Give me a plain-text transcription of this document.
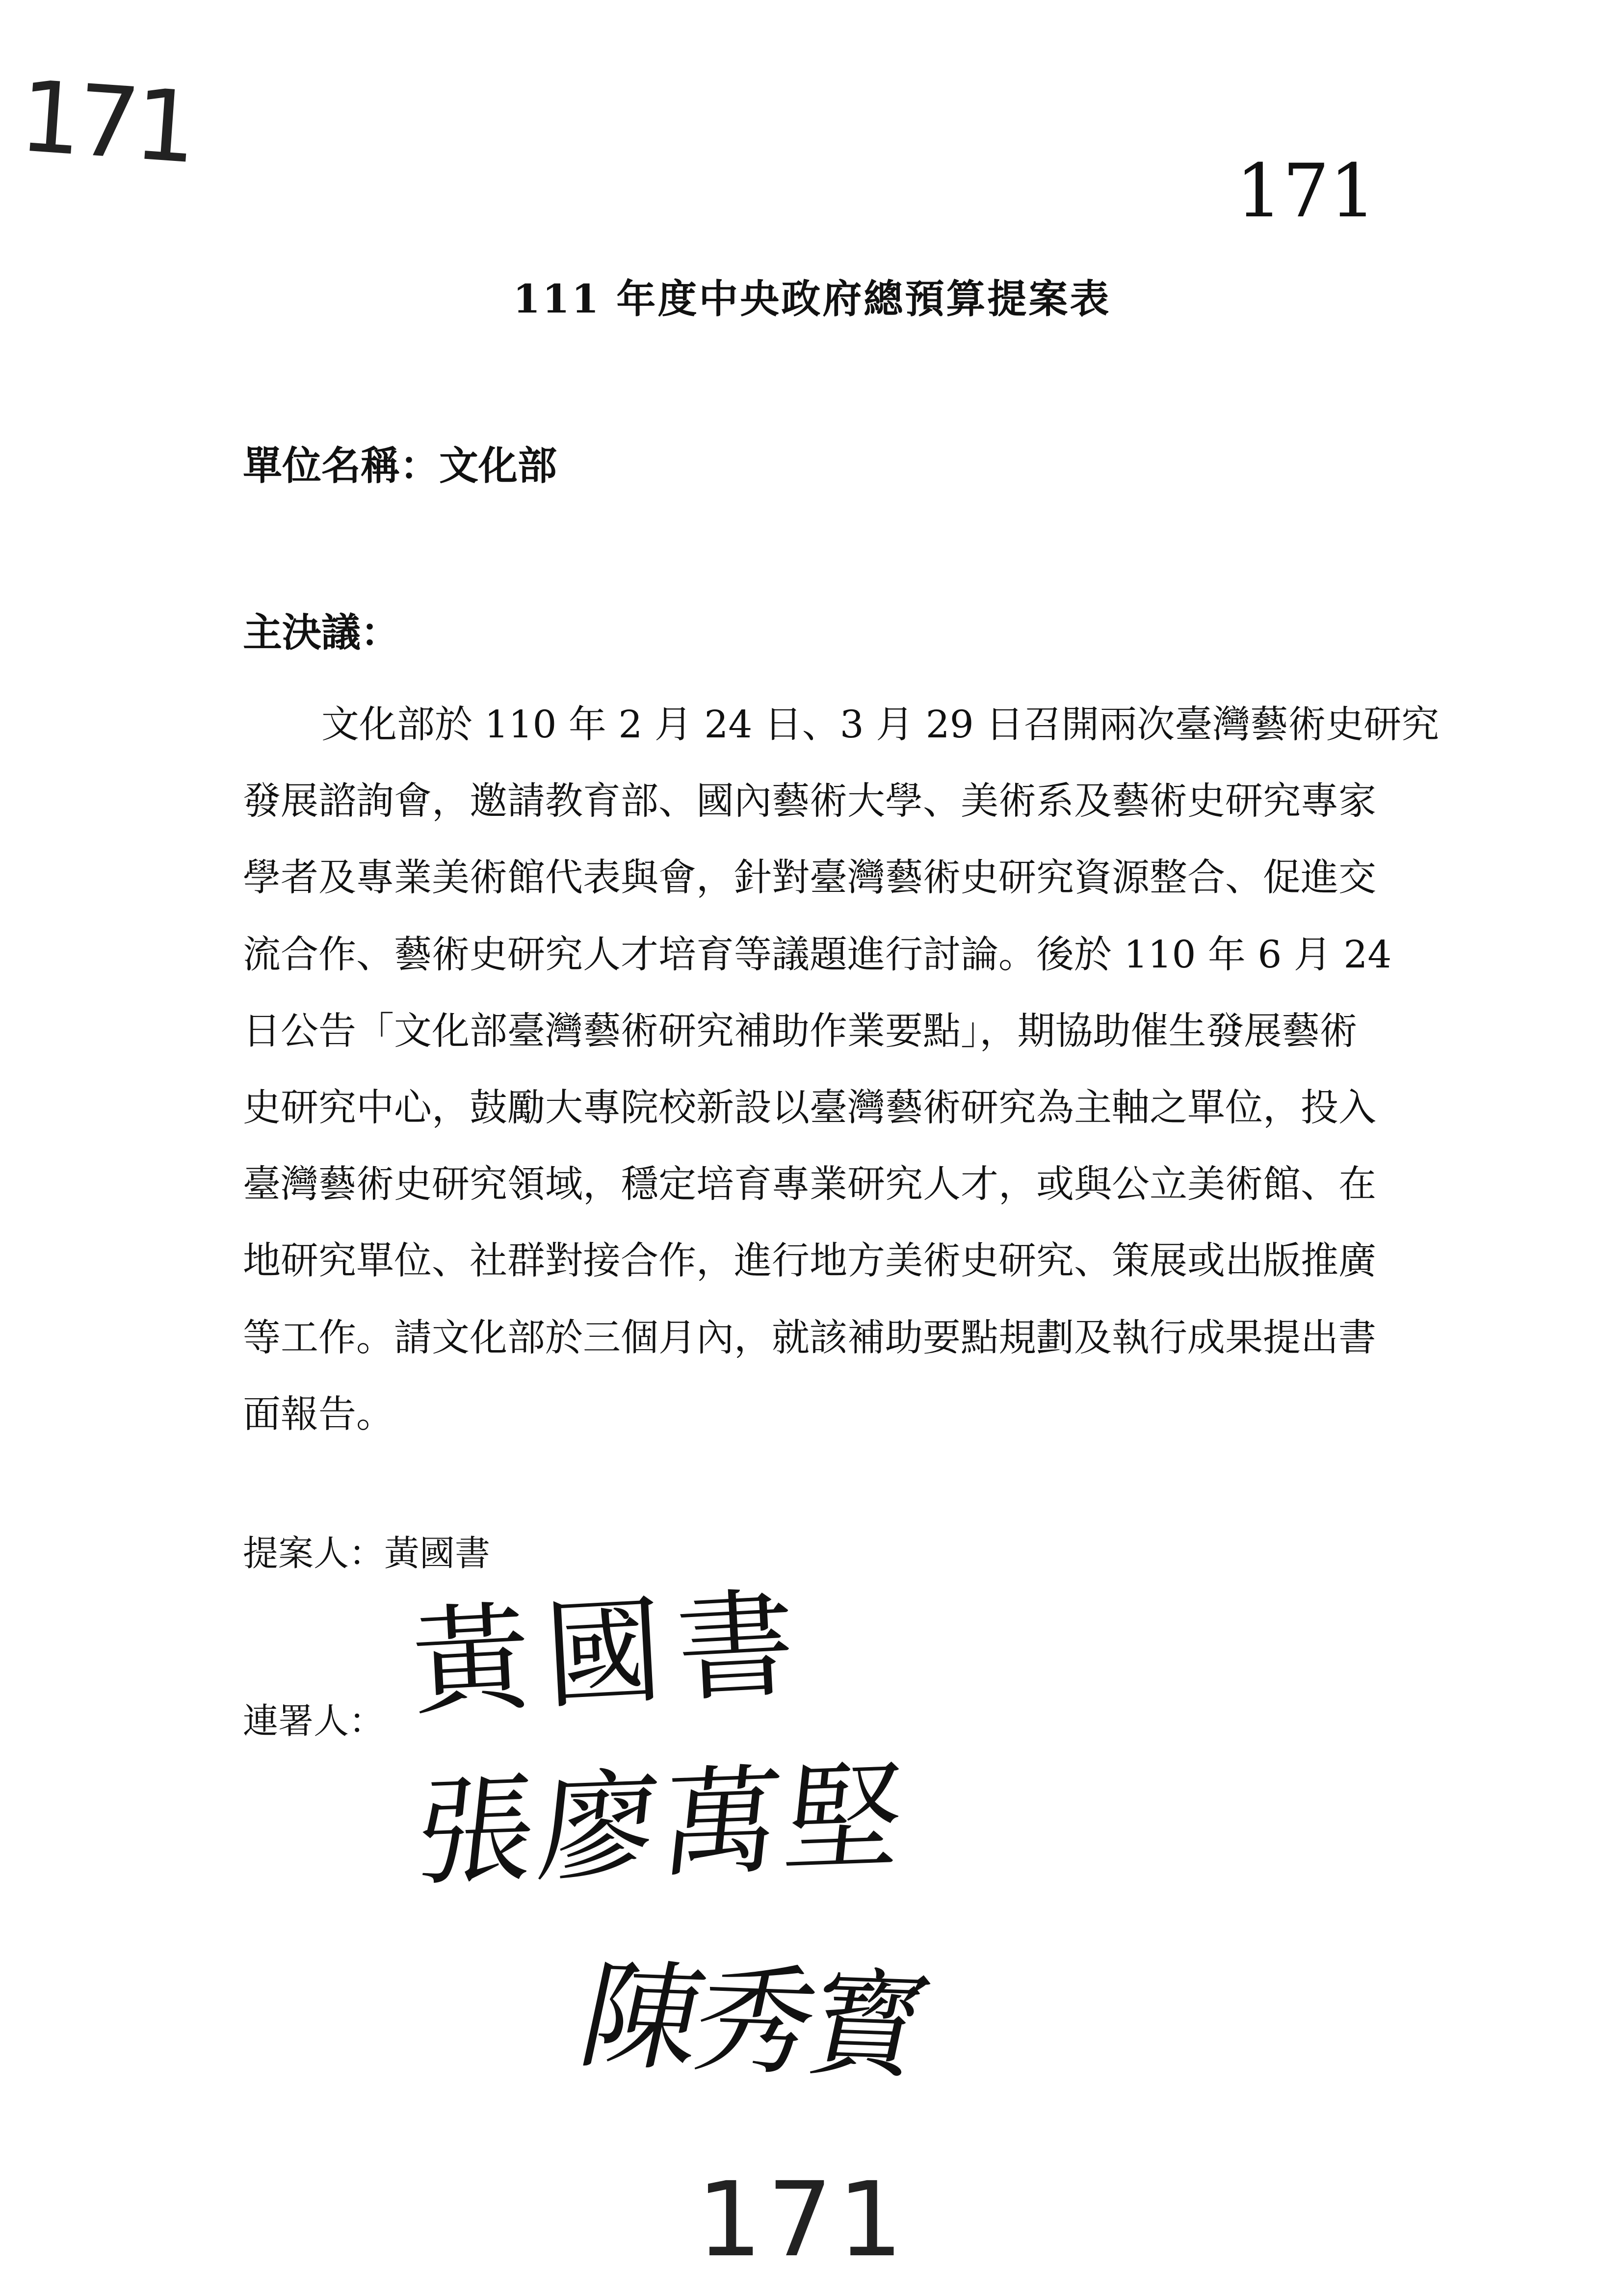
171
171
111 年度中央政府總預算提案表
單位名稱：文化部
主決議：
文化部於 110 年 2 月 24 日、3 月 29 日召開兩次臺灣藝術史研究
發展諮詢會，邀請教育部、國內藝術大學、美術系及藝術史研究專家
學者及專業美術館代表與會，針對臺灣藝術史研究資源整合、促進交
流合作、藝術史研究人才培育等議題進行討論。後於 110 年 6 月 24
日公告「文化部臺灣藝術研究補助作業要點」，期協助催生發展藝術
史研究中心，鼓勵大專院校新設以臺灣藝術研究為主軸之單位，投入
臺灣藝術史研究領域，穩定培育專業研究人才，或與公立美術館、在
地研究單位、社群對接合作，進行地方美術史研究、策展或出版推廣
等工作。請文化部於三個月內，就該補助要點規劃及執行成果提出書
面報告。
提案人：黃國書
連署人： 黃國書
張廖萬堅
陳秀寳
171
